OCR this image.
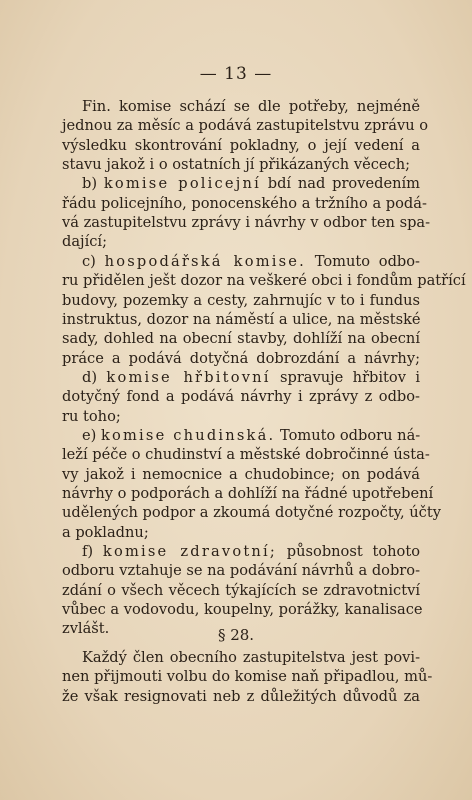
— 13 —
Fin. komise schází se dle potřeby, nejméně
jednou za měsíc a podává zastupitelstvu zprávu o
výsledku skontrování pokladny, o její vedení a
stavu jakož i o ostatních jí přikázaných věcech;
b) komise policejní bdí nad provedením
řádu policejního, ponocenského a tržního a podá-
vá zastupitelstvu zprávy i návrhy v odbor ten spa-
dající;
c) hospodářská komise. Tomuto odbo-
ru přidělen ješt dozor na veškeré obci i fondům patřící
budovy, pozemky a cesty, zahrnujíc v to i fundus
instruktus, dozor na náměstí a ulice, na městské
sady, dohled na obecní stavby, dohlíží na obecní
práce a podává dotyčná dobrozdání a návrhy;
d) komise hřbitovní spravuje hřbitov i
dotyčný fond a podává návrhy i zprávy z odbo-
ru toho;
e) komise chudinská. Tomuto odboru ná-
leží péče o chudinství a městské dobročinné ústa-
vy jakož i nemocnice a chudobince; on podává
návrhy o podporách a dohlíží na řádné upotřebení
udělených podpor a zkoumá dotyčné rozpočty, účty
a pokladnu;
f) komise zdravotní; působnost tohoto
odboru vztahuje se na podávání návrhů a dobro-
zdání o všech věcech týkajících se zdravotnictví
vůbec a vodovodu, koupelny, porážky, kanalisace
zvlášt.	§ 28.
Každý člen obecního zastupitelstva jest povi-
nen přijmouti volbu do komise naň připadlou, mů-
že však resignovati neb z důležitých důvodů za
